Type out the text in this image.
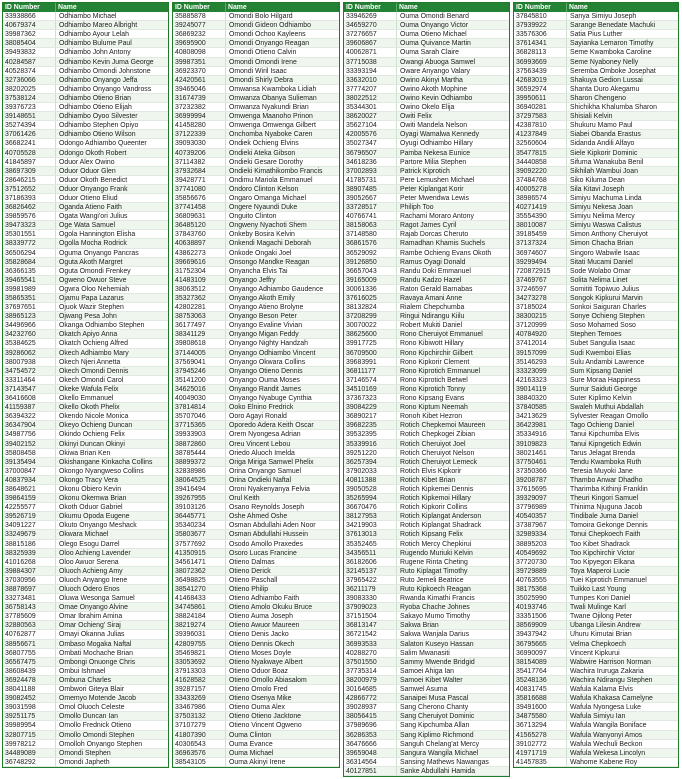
ID Number	Name
33938866	Odhiambo Michael
40679374	Odhiambo Mareo Albright
39987362	Odhiambo Ayour Lelah
38085404	Odhiambo Bulume Paul
39493832	Odhiambo John Antony
40284587	Odhiambo Kevin Juma George
40528374	Odhiambo Omondi Johnstone
32736066	Odhiambo Onyango Jeffa
38202025	Odhiambo Onyango Vandross
37538124	Odhiambo Otieno Brian
39376723	Odhiambo Otieno Elijah
39148651	Odhiambo Oyoo Silvester
35274394	Odhiambo Stephen Opiyo
37061426	Odhiambo Otieno Wilson
36682241	Odongo Adhiambo Queenter
40705528	Odongo Okoth Robert
41845897	Oduor Alex Owino
38697309	Oduor Oduor Glen
28646215	Oduor Okoth Benedict
37512652	Oduor Onyango Frank
37186393	Oduor Otieno Eliud
36826462	Oganda Atieno Faith
39859576	Ogata Wangi'ori Julius
39473323	Oge Wata Samuel
35301551	Ogola Hannington Elisha
38339772	Ogolla Mocha Rodrick
36506294	Oguma Onyango Pancras
35828684	Oguta Akoth Margret
36366135	Oguta Omondi Frenkey
39465541	Ogweno Owuor Steve
39981989	Ogwra Oloo Nehemiah
35865351	Ojamu Papa Lazarus
37697651	Ojuok Wazir Stephen
38965123	Ojwang Pesa John
34496966	Okanga Odhiambo Stephen
34232760	Okatch Apiyo Anna
35384625	Okatch Ochieng Alfred
39286062	Okech Adhiambo Mary
38007938	Okech Njeri Annetta
34754572	Okech Omondi Dennis
33311464	Okech Omondi Carol
37143547	Okeke Wafula Felix
36416608	Okello Emmanuel
41159387	Okello Okoth Phelix
36394322	Okendo Nicole Monica
36347904	Okeyo Ochieng Duncan
34987756	Okindo Ochieng Felix
39402152	Okinyi Duncan Okinyi
35808458	Okiwa Brian Ken
39135494	Okishangane Kinkacha Collins
37000847	Okongo Nyangweso Collins
40837934	Okongo Tracy Vera
38648621	Okonu Obiero Kevin
39864159	Okonu Okemwa Brian
42255577	Okoth Oduor Gabriel
39526719	Okumu Opoda Eugene
34091227	Okuto Onyango Meshack
33249679	Okwara Michael
38815186	Olego Esogu Darrel
38325939	Oloo Achieng Lavender
41016268	Oloo Awuor Serena
39884307	Oluoch Achieng Amy
37030956	Oluoch Anyango Irene
38878697	Oluoch Odero Enos
33273481	Oluwa Wesonga Samuel
36758143	Omae Onyango Alvine
37785609	Omar Ibrahim Amina
32880563	Omar Ochieng' Siraj
40762877	Omayi Okanna Julias
38956671	Ombaso Mogaka Naftal
36807755	Ombati Mochache Brian
36567475	Ombongi Onuonge Chris
38608439	Ombui Ishmael
36924478	Ombuna Charles
38041188	Ombwori Giteya Blair
39082452	Omemyo Motende Jacob
39031598	Omol Oluoch Celeste
39251175	Omollo Duncan Ian
39989954	Omollo Frednick Otieno
32807715	Omollo Omondi Stephen
39978212	Omolloh Onyango Stephen
34489089	Omondi Stephen
36748292	Omondi Japheth
ID Number	Name
35885878	Omondi Bolo Hilgard
39245077	Omondi Gideon Odhiambo
36869232	Omondi Ochoo Kayleens
39695900	Omondi Onyango Reagan
40808098	Omondi Otieno Calvin
39987351	Omondi Omondi Irene
36923370	Omondi Wiril Isaac
42420561	Omondi Shirly Debra
39465046	Omwansa Kwamboka Lidiah
31674739	Omwanza Obanya Sulieman
37232382	Omwanza Nyakundi Brian
36999994	Omwenga Maanoho Prinon
41458280	Omwenga Omwenga Gilbert
37122339	Onchomba Nyaboke Caren
39093030	Ondiek Ochieng Elvins
40739206	Ondieki Ateka Gibson
37114382	Ondieki Gesare Dorothy
37932684	Ondieki Kimathikombo Francis
39428771	Ondimu Mariola Emmanuel
37741080	Ondoro Clinton Kelson
35856676	Ongaro Omanga Michael
37741458	Ongere Nyaundi Duke
36809631	Onguito Clinton
36485120	Ongweny Nyachoti Shem
37843760	Onkeby Bosira Kelvin
40638897	Onkendi Magachi Deborah
43862273	Onkode Ongaki Joel
39669616	Onsongo Mandke Reagan
31752304	Onyancha Elvis Tai
41483109	Onyango Jeffry
38063512	Onyango Adhiambo Gaudence
35327362	Onyango Akoth Emily
42802281	Onyango Atieno Brolyne
38753063	Onyango Beson Peter
36177497	Onyango Evaline Vivian
38341129	Onyango Migan Feddy
39808618	Onyango Nighty Handzah
37144005	Onyango Odhiambo Vincent
37569041	Onyango Okwara Collins
37945246	Onyango Otieno Dennis
35141200	Onyango Ouma Moses
34625016	Onyango Randit James
40049030	Onyango Nyabuge Cynthia
37814814	Ooko Elnino Fredrick
35707046	Ooro Agayi Ronald
37715365	Oporedo Adera Keith Oscar
39933903	Orem Nyongesa Adrian
38872860	Oreu Vincent Lebou
38785444	Oriedo Aluoch Imelda
38899372	Origa Miriga Samwel Phelix
32838986	Orina Onyango Samuel
38064525	Orina Ondieki Naftal
39416494	Oroni Nyakenyanya Felvia
39267955	Orul Keith
39103126	Osano Reynolds Joseph
36445771	Oshe Ahmed Oshe
35340234	Osman Abdullahi Aden Noor
35803677	Osman Abdullahi Hussein
37577692	Osodo Amollo Praxedes
41350915	Osoro Lucas Francine
34561471	Otieno Dalmas
38072362	Otieno Derick
36498825	Otieno Paschall
38541270	Otieno Philip
41468433	Otieno Adhiambo Faith
34745861	Otieno Amolo Okuku Bruce
38824184	Otieno Auma Joseph
38219274	Otieno Awuor Maureen
39396031	Otieno Denis Jacko
42809755	Otieno Dennis Okech
35469821	Otieno Moses Doyle
33053692	Otieno Nyakwaye Albert
37913303	Otieno Oduor Boaz
41628582	Otieno Omollo Abiasalom
39287157	Otieno Omolo Fred
33433269	Otieno Osenya Mike
33467986	Otieno Ouma Alex
37503132	Otieno Otieno Jacktone
37107279	Otieno Vincent Ogweno
41807390	Ouma Clinton
40306543	Ouma Evance
36963576	Ouma Michael
38543105	Ouma Akinyi Irene
ID Number	Name
33946269	Ouma Omondi Benard
34659270	Ouma Onyango Victor
37276657	Ouma Otieno Michael
39606867	Ouma Quivance Martin
40062871	Ouma Sarah Claire
37715038	Owangi Abuoga Samwel
33393194	Oware Anyango Valary
33632010	Owino Akinyi Martha
37774207	Owino Akoth Mophine
38022512	Owino Kevin Odhiambo
35344301	Owino Okelo Elija
38620027	Owiti Felix
35627104	Owiti Mandela Nelson
42005576	Oyagi Wamalwa Kennedy
35027347	Oyugi Odhiambo Hillary
36796507	Pamba Nekesa Eunice
34618236	Partore Milia Stephen
37002893	Patrick Kiprotich
41785731	Pere Lemushen Michael
38907485	Peter Kiplangat Korir
39052667	Peter Mwendwa Lewis
33728517	Philiph Too
40766741	Rachami Moraro Antony
38158063	Ragot James Cyril
37148580	Rajab Dorcas Cheruto
36861576	Ramadhan Khamis Suchels
36529092	Rambe Ochieng Evans Okoth
39126850	Ramus Oyagi Donald
36657043	Randu Doki Emmanuel
39165009	Randu Kadzo Hazel
30061336	Raton Gerald Barnabas
37616025	Ravaya Amani Anne
38132824	Rialem Chepchumba
37208299	Ringui Ndirangu Kiilu
30070022	Robert Mukiti Daniel
38625600	Rono Cheruiyot Emmanuel
39917725	Rono Kibiwott Hillary
36709500	Rono Kipchirchir Gilbert
39683991	Rono Kipkorir Clement
36811177	Rono Kiprotich Emmanuel
37146574	Rono Kiprotich Betwel
34510169	Rono Kiprotich Tonny
37367323	Rono Kipsang Evans
39084229	Rono Kiptum Neemah
36890217	Ronoh Kibet Hezron
39682235	Rotich Chepkemoi Maureen
39532395	Rotich Chepkogei Zibian
35339916	Rotich Cheruiyot Joel
39251220	Rotich Cheruiyot Nelson
36257394	Rotich Cheruiyot Lemeck
37902033	Rotich Elvis Kipkorir
40811388	Rotich Kibet Brian
39050528	Rotich Kipkemei Dennis
35265994	Rotich Kipkemoi Hillary
36670476	Rotich Kipkorir Collins
38127953	Rotich Kiplangat Anderson
34219903	Rotich Kiplangat Shadrack
37613013	Rotich Kipsang Felix
35352465	Rotich Mercy Chepkirui
34356511	Rugendo Muriuki Kelvin
36182606	Rugene Rinta Cheting
32145137	Ruto Kiplagat Timothy
37965422	Ruto Jemeli Beatrice
36211179	Ruto Kipkoech Reagan
39083330	Rwanda Kimathi Francis
37909023	Ryoba Chache Johnes
37151504	Sakayo Mumo Timothy
36813147	Sakwa Brian
36721542	Sakwa Wanjala Darius
36993533	Salaton Kuseyo Hassan
40288270	Salim Mwanasiti
37501550	Sammy Mwende Bridgid
37735314	Samoei Ahiga Ian
38200979	Samoei Kibet Walter
30164685	Samwel Asuma
42866772	Sanaipei Musa Pascal
39028937	Sang Cherono Chanty
38056415	Sang Cheruiyot Dominic
37989696	Sang Kipchumba Allan
36286353	Sang Kiplimo Richmond
36476666	Sanguh Chelang'at Mercy
39659048	Sangura Wangila Michael
36314564	Sansing Mathews Nawangas
40127851	Sanke Abdullahi Hamida
ID Number	Name
37845810	Sanya Simiyu Joseph
37939922	Sarange Benedate Machuki
33576306	Satia Pius Luther
37614341	Sayianka Lemaron Timothy
36828113	Seme Kwamboka Caroline
36993669	Seme Nyaboney Nelly
37563439	Seremba Omboke Josephat
42683019	Shakuya Gedion Lussai
36592974	Shanta Duro Akegamu
39950611	Sharon Chengeno
36940281	Shichikha Khalumba Sharon
37297583	Shisiali Kelvin
42387810	Shukuru Mamo Paul
41237849	Siabei Obanda Erastus
32560604	Sidanda Andili Alfayo
35477815	Siele Kipkorir Dominic
34440858	Sifuma Wanakuba Benil
39092220	Sikhilah Wambui Joan
37484768	Siko Kiluma Dean
40005278	Sila Kitavi Joseph
38986574	Simiyu Machuma Linda
40271419	Simiyu Nekesa Joan
35554390	Simiyu Nelima Mercy
38010087	Simiyu Waswa Calistus
39185459	Simon Anthony Cheruiyot
37137324	Simon Chacha Brian
36974607	Singoro Wabwile Isaac
39299494	Sitati Mucami Daniel
720872915	Sode Wolabo Omar
37469767	Solita Nelima Linet
37246597	Somititi Topiwuo Julius
34273278	Songok Kipkurui Marvin
37185024	Sonkoi Saiguran Charles
38300215	Sonye Ochieng Stephen
37120999	Soso Mohamed Soso
40784920	Stephen Temoes
37412014	Subet Sangulia Isaac
39157099	Sudi Kwemboi Elias
35146293	Sulu Andambi Lawrence
33323099	Sum Kipsang Daniel
42163323	Sure Moraa Happiness
39014119	Surrur Saiduti George
38840320	Suter Kiplimo Kelvin
37840585	Swaleh Muthui Abdallah
34213629	Sylvester Reagan Omollo
36423981	Tago Ochieng Daniel
35334916	Tanui Kipchumba Elvis
39109823	Tanui Kipngetich Edwin
38021461	Tarus Jelagat Brenda
37750461	Tendu Kwamboka Ruth
37350366	Teresia Muyoki Jane
39208787	Thambo Anwar Dhadho
37615695	Tharimba Kithinji Franklin
39329097	Theuri Kingori Samuel
37796989	Thinima Njuguna Jacob
40540357	Tindibale Juma Daniel
37387967	Tomoira Gekonge Dennis
32989334	Tonui Chepkoech Faith
38895203	Too Kibet Shadrack
40549692	Too Kipchirchir Victor
37720730	Too Kipyegon Elkana
39729889	Toya Maperoi Lucie
40763555	Tuei Kiprotich Emmanuel
38175368	Tuikko Last Young
35025990	Tumpes Kori Daniel
40193746	Twali Mulinge Karl
33351506	Twane Ojilong Peter
38569909	Ubanga Lilesin Andrew
39437942	Uhuru Kimutai Brian
36795665	Velma Chepkoech
36990097	Vincent Kipkurui
38154089	Wabwire Harrison Norman
35417764	Wachira Iruruga Zakaria
35248136	Wachira Ndirangu Stephen
40831745	Wafula Kalama Elvis
35816688	Wafula Khakasa Camelyne
39491600	Wafula Nyongesa Luke
34875580	Wafula Simiyu Ian
36713294	Wafula Wangila Boniface
41565278	Wafula Wanyonyi Amos
39102772	Wafula Wechuli Beckon
41971719	Wafula Wekesa Lincolyn
41457835	Wahome Kabene Roy
